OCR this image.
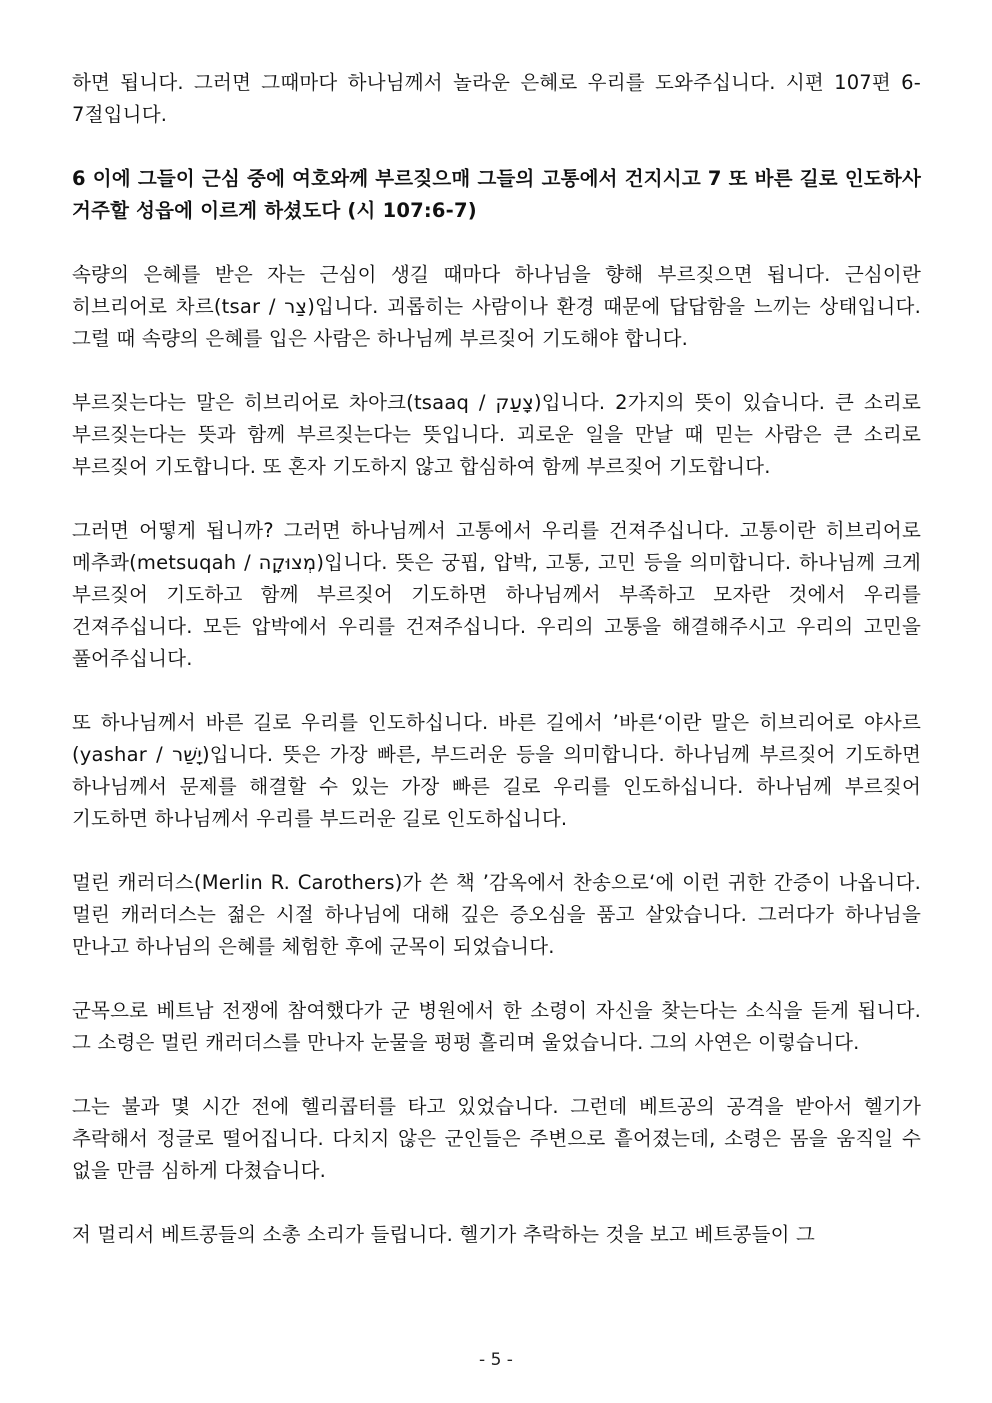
하면 됩니다. 그러면 그때마다 하나님께서 놀라운 은혜로 우리를 도와주십니다. 시편 107편 6-7절입니다.

6 이에 그들이 근심 중에 여호와께 부르짖으매 그들의 고통에서 건지시고 7 또 바른 길로 인도하사 거주할 성읍에 이르게 하셨도다 (시 107:6-7)

속량의 은혜를 받은 자는 근심이 생길 때마다 하나님을 향해 부르짖으면 됩니다. 근심이란 히브리어로 차르(tsar / צַר)입니다. 괴롭히는 사람이나 환경 때문에 답답함을 느끼는 상태입니다. 그럴 때 속량의 은혜를 입은 사람은 하나님께 부르짖어 기도해야 합니다.

부르짖는다는 말은 히브리어로 차아크(tsaaq / צָעַק)입니다. 2가지의 뜻이 있습니다. 큰 소리로 부르짖는다는 뜻과 함께 부르짖는다는 뜻입니다. 괴로운 일을 만날 때 믿는 사람은 큰 소리로 부르짖어 기도합니다. 또 혼자 기도하지 않고 합심하여 함께 부르짖어 기도합니다.

그러면 어떻게 됩니까? 그러면 하나님께서 고통에서 우리를 건져주십니다. 고통이란 히브리어로 메추콰(metsuqah / מְצוּקָה)입니다. 뜻은 궁핍, 압박, 고통, 고민 등을 의미합니다. 하나님께 크게 부르짖어 기도하고 함께 부르짖어 기도하면 하나님께서 부족하고 모자란 것에서 우리를 건져주십니다. 모든 압박에서 우리를 건져주십니다. 우리의 고통을 해결해주시고 우리의 고민을 풀어주십니다.

또 하나님께서 바른 길로 우리를 인도하십니다. 바른 길에서 ’바른‘이란 말은 히브리어로 야사르(yashar / יָשַׁר)입니다. 뜻은 가장 빠른, 부드러운 등을 의미합니다. 하나님께 부르짖어 기도하면 하나님께서 문제를 해결할 수 있는 가장 빠른 길로 우리를 인도하십니다. 하나님께 부르짖어 기도하면 하나님께서 우리를 부드러운 길로 인도하십니다.

멀린 캐러더스(Merlin R. Carothers)가 쓴 책 ’감옥에서 찬송으로‘에 이런 귀한 간증이 나옵니다. 멀린 캐러더스는 젊은 시절 하나님에 대해 깊은 증오심을 품고 살았습니다. 그러다가 하나님을 만나고 하나님의 은혜를 체험한 후에 군목이 되었습니다.

군목으로 베트남 전쟁에 참여했다가 군 병원에서 한 소령이 자신을 찾는다는 소식을 듣게 됩니다. 그 소령은 멀린 캐러더스를 만나자 눈물을 펑펑 흘리며 울었습니다. 그의 사연은 이렇습니다.

그는 불과 몇 시간 전에 헬리콥터를 타고 있었습니다. 그런데 베트공의 공격을 받아서 헬기가 추락해서 정글로 떨어집니다. 다치지 않은 군인들은 주변으로 흩어졌는데, 소령은 몸을 움직일 수 없을 만큼 심하게 다쳤습니다.

저 멀리서 베트콩들의 소총 소리가 들립니다. 헬기가 추락하는 것을 보고 베트콩들이 그

- 5 -
